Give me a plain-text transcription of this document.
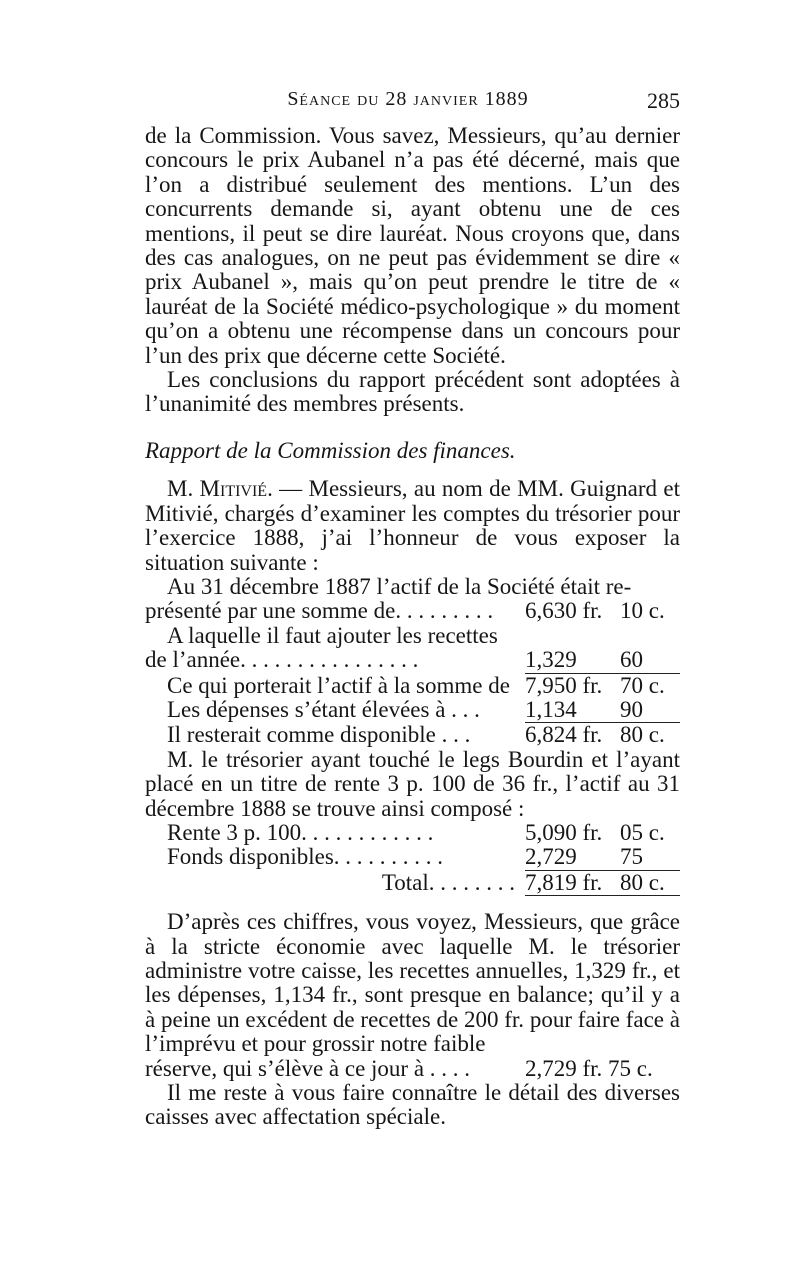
Séance du 28 janvier 1889	285

de la Commission. Vous savez, Messieurs, qu’au dernier concours le prix Aubanel n’a pas été décerné, mais que l’on a distribué seulement des mentions. L’un des concurrents demande si, ayant obtenu une de ces mentions, il peut se dire lauréat. Nous croyons que, dans des cas analogues, on ne peut pas évidemment se dire « prix Aubanel », mais qu’on peut prendre le titre de « lauréat de la Société médico-psychologique » du moment qu’on a obtenu une récompense dans un concours pour l’un des prix que décerne cette Société.

Les conclusions du rapport précédent sont adoptées à l’unanimité des membres présents.

Rapport de la Commission des finances.

M. Mitivié. — Messieurs, au nom de MM. Guignard et Mitivié, chargés d’examiner les comptes du trésorier pour l’exercice 1888, j’ai l’honneur de vous exposer la situation suivante :

Au 31 décembre 1887 l’actif de la Société était re-

présenté par une somme de. . . . . . . . .	6,630 fr. 10 c.
A laquelle il faut ajouter les recettes
de l’année. . . . . . . . . . . . . . . .	1,329	60
Ce qui porterait l’actif à la somme de 7,950 fr. 70 c.
Les dépenses s’étant élevées à . . .	1,134	90
Il resterait comme disponible . . .	6,824 fr. 80 c.

M. le trésorier ayant touché le legs Bourdin et l’ayant placé en un titre de rente 3 p. 100 de 36 fr., l’actif au 31 décembre 1888 se trouve ainsi composé :

Rente 3 p. 100. . . . . . . . . . . .	5,090 fr. 05 c.
Fonds disponibles. . . . . . . . . .	2,729	75
Total. . . . . . . . 7,819 fr. 80 c.

D’après ces chiffres, vous voyez, Messieurs, que grâce à la stricte économie avec laquelle M. le trésorier administre votre caisse, les recettes annuelles, 1,329 fr., et les dépenses, 1,134 fr., sont presque en balance; qu’il y a à peine un excédent de recettes de 200 fr. pour faire face à l’imprévu et pour grossir notre faible

réserve, qui s’élève à ce jour à . . . .	2,729 fr. 75 c.

Il me reste à vous faire connaître le détail des diverses caisses avec affectation spéciale.
